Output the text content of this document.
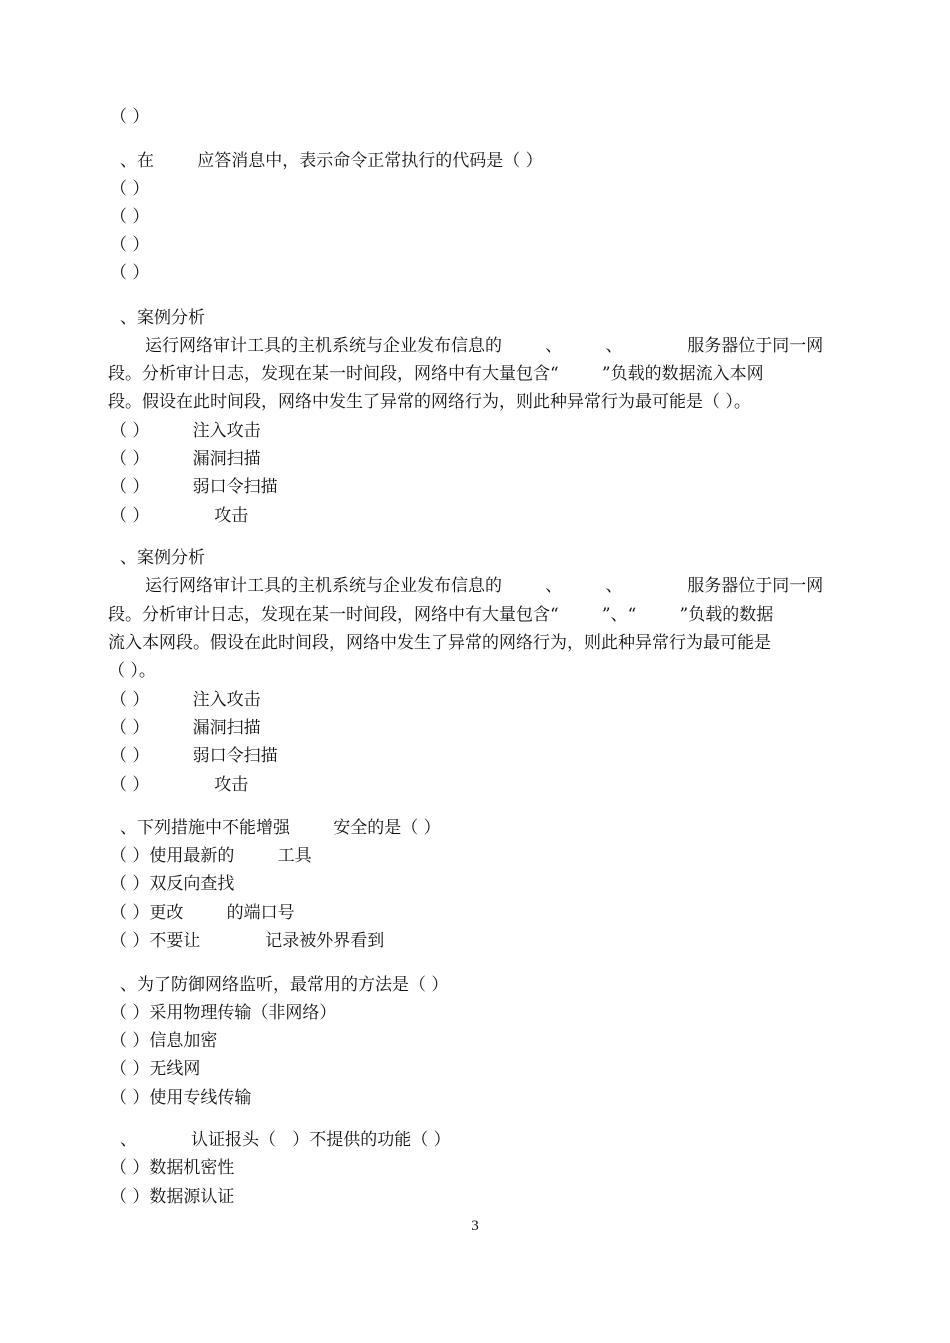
（ ）
、在        应答消息中，表示命令正常执行的代码是（ ）
（ ）
（ ）
（ ）
（ ）
、案例分析
运行网络审计工具的主机系统与企业发布信息的        、        、            服务器位于同一网
段。分析审计日志，发现在某一时间段，网络中有大量包含“        ”负载的数据流入本网
段。假设在此时间段，网络中发生了异常的网络行为，则此种异常行为最可能是（ ）。
（ ）        注入攻击
（ ）        漏洞扫描
（ ）        弱口令扫描
（ ）            攻击
、案例分析
运行网络审计工具的主机系统与企业发布信息的        、        、            服务器位于同一网
段。分析审计日志，发现在某一时间段，网络中有大量包含“        ”、“        ”负载的数据
流入本网段。假设在此时间段，网络中发生了异常的网络行为，则此种异常行为最可能是
（ ）。
（ ）        注入攻击
（ ）        漏洞扫描
（ ）        弱口令扫描
（ ）            攻击
、下列措施中不能增强        安全的是（ ）
（ ）使用最新的        工具
（ ）双反向查找
（ ）更改        的端口号
（ ）不要让            记录被外界看到
、为了防御网络监听，最常用的方法是（ ）
（ ）采用物理传输（非网络）
（ ）信息加密
（ ）无线网
（ ）使用专线传输
、          认证报头（   ）不提供的功能（ ）
（ ）数据机密性
（ ）数据源认证
3
